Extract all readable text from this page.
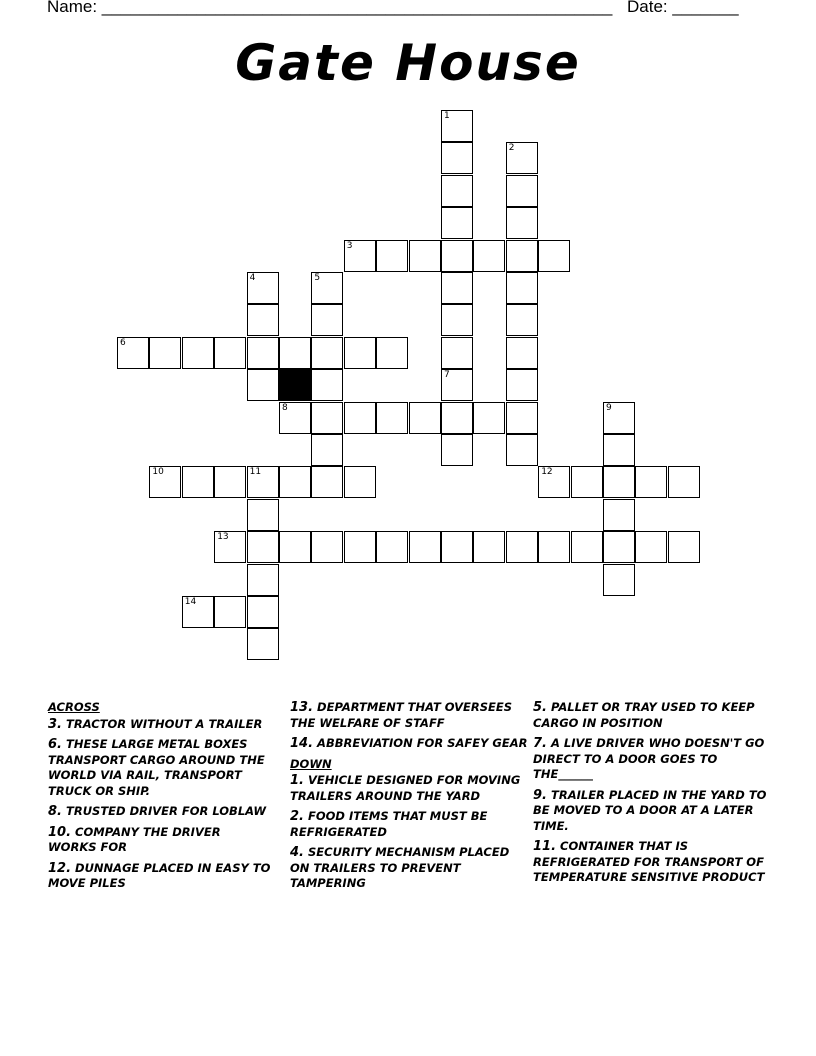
Name: ______________________________________________________ Date: _______
Gate House
1
7
2
3
4	5
6
8	9
10	11	12
13
14
ACROSS
3. TRACTOR WITHOUT A TRAILER
6. THESE LARGE METAL BOXES TRANSPORT CARGO AROUND THE WORLD VIA RAIL, TRANSPORT TRUCK OR SHIP.
8. TRUSTED DRIVER FOR LOBLAW
10. COMPANY THE DRIVER WORKS FOR
12. DUNNAGE PLACED IN EASY TO MOVE PILES
13. DEPARTMENT THAT OVERSEES THE WELFARE OF STAFF
14. ABBREVIATION FOR SAFEY GEAR
DOWN
1. VEHICLE DESIGNED FOR MOVING TRAILERS AROUND THE YARD
2. FOOD ITEMS THAT MUST BE REFRIGERATED
4. SECURITY MECHANISM PLACED ON TRAILERS TO PREVENT TAMPERING
5. PALLET OR TRAY USED TO KEEP CARGO IN POSITION
7. A LIVE DRIVER WHO DOESN'T GO DIRECT TO A DOOR GOES TO THE______
9. TRAILER PLACED IN THE YARD TO BE MOVED TO A DOOR AT A LATER TIME.
11. CONTAINER THAT IS REFRIGERATED FOR TRANSPORT OF TEMPERATURE SENSITIVE PRODUCT
